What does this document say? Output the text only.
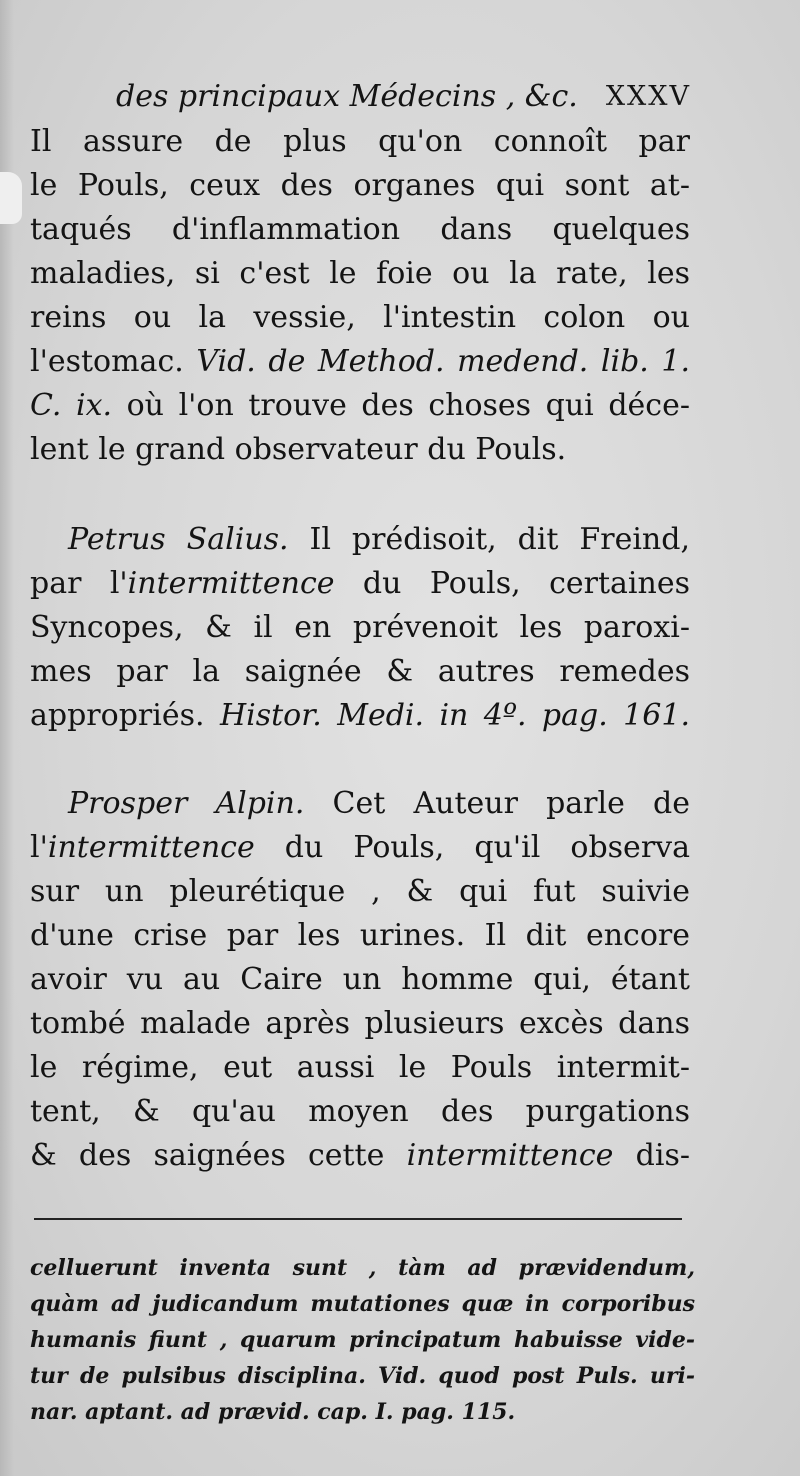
des principaux Médecins , &c. XXXV
Il assure de plus qu'on connoît par
le Pouls, ceux des organes qui sont at-
taqués d'inflammation dans quelques
maladies, si c'est le foie ou la rate, les
reins ou la vessie, l'intestin colon ou
l'estomac. Vid. de Method. medend. lib. 1.
C. ix. où l'on trouve des choses qui déce-
lent le grand observateur du Pouls.
Petrus Salius. Il prédisoit, dit Freind,
par l'intermittence du Pouls, certaines
Syncopes, & il en prévenoit les paroxi-
mes par la saignée & autres remedes
appropriés. Histor. Medi. in 4º. pag. 161.
Prosper Alpin. Cet Auteur parle de
l'intermittence du Pouls, qu'il observa
sur un pleurétique , & qui fut suivie
d'une crise par les urines. Il dit encore
avoir vu au Caire un homme qui, étant
tombé malade après plusieurs excès dans
le régime, eut aussi le Pouls intermit-
tent, & qu'au moyen des purgations
& des saignées cette intermittence dis-
celluerunt inventa sunt , tàm ad prævidendum,
quàm ad judicandum mutationes quæ in corporibus
humanis fiunt , quarum principatum habuisse vide-
tur de pulsibus disciplina. Vid. quod post Puls. uri-
nar. aptant. ad prævid. cap. I. pag. 115.
